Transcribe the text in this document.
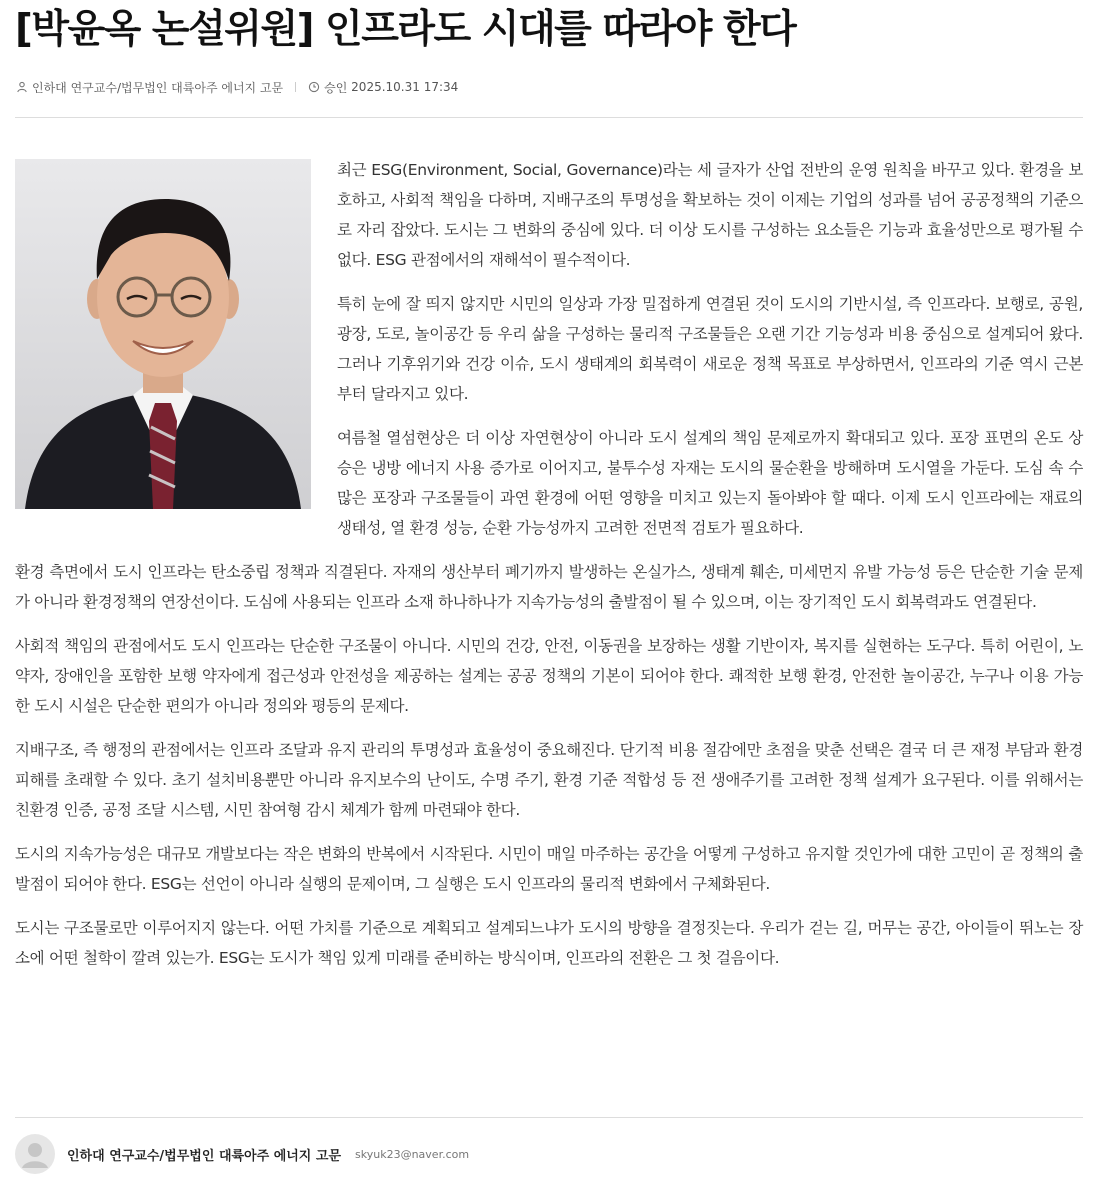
[박윤옥 논설위원] 인프라도 시대를 따라야 한다
인하대 연구교수/법무법인 대륙아주 에너지 고문	승인
2025.10.31 17:34

최근 ESG(Environment, Social, Governance)라는 세 글자가 산업 전반의 운영 원칙을 바꾸고 있다. 환경을 보호하고, 사회적 책임을 다하며, 지배구조의 투명성을 확보하는 것이 이제는 기업의 성과를 넘어 공공정책의 기준으로 자리 잡았다. 도시는 그 변화의 중심에 있다. 더 이상 도시를 구성하는 요소들은 기능과 효율성만으로 평가될 수 없다. ESG 관점에서의 재해석이 필수적이다.

특히 눈에 잘 띄지 않지만 시민의 일상과 가장 밀접하게 연결된 것이 도시의 기반시설, 즉 인프라다. 보행로, 공원, 광장, 도로, 놀이공간 등 우리 삶을 구성하는 물리적 구조물들은 오랜 기간 기능성과 비용 중심으로 설계되어 왔다. 그러나 기후위기와 건강 이슈, 도시 생태계의 회복력이 새로운 정책 목표로 부상하면서, 인프라의 기준 역시 근본부터 달라지고 있다.

여름철 열섬현상은 더 이상 자연현상이 아니라 도시 설계의 책임 문제로까지 확대되고 있다. 포장 표면의 온도 상승은 냉방 에너지 사용 증가로 이어지고, 불투수성 자재는 도시의 물순환을 방해하며 도시열을 가둔다. 도심 속 수많은 포장과 구조물들이 과연 환경에 어떤 영향을 미치고 있는지 돌아봐야 할 때다. 이제 도시 인프라에는 재료의 생태성, 열 환경 성능, 순환 가능성까지 고려한 전면적 검토가 필요하다.

환경 측면에서 도시 인프라는 탄소중립 정책과 직결된다. 자재의 생산부터 폐기까지 발생하는 온실가스, 생태계 훼손, 미세먼지 유발 가능성 등은 단순한 기술 문제가 아니라 환경정책의 연장선이다. 도심에 사용되는 인프라 소재 하나하나가 지속가능성의 출발점이 될 수 있으며, 이는 장기적인 도시 회복력과도 연결된다.

사회적 책임의 관점에서도 도시 인프라는 단순한 구조물이 아니다. 시민의 건강, 안전, 이동권을 보장하는 생활 기반이자, 복지를 실현하는 도구다. 특히 어린이, 노약자, 장애인을 포함한 보행 약자에게 접근성과 안전성을 제공하는 설계는 공공 정책의 기본이 되어야 한다. 쾌적한 보행 환경, 안전한 놀이공간, 누구나 이용 가능한 도시 시설은 단순한 편의가 아니라 정의와 평등의 문제다.

지배구조, 즉 행정의 관점에서는 인프라 조달과 유지 관리의 투명성과 효율성이 중요해진다. 단기적 비용 절감에만 초점을 맞춘 선택은 결국 더 큰 재정 부담과 환경 피해를 초래할 수 있다. 초기 설치비용뿐만 아니라 유지보수의 난이도, 수명 주기, 환경 기준 적합성 등 전 생애주기를 고려한 정책 설계가 요구된다. 이를 위해서는 친환경 인증, 공정 조달 시스템, 시민 참여형 감시 체계가 함께 마련돼야 한다.

도시의 지속가능성은 대규모 개발보다는 작은 변화의 반복에서 시작된다. 시민이 매일 마주하는 공간을 어떻게 구성하고 유지할 것인가에 대한 고민이 곧 정책의 출발점이 되어야 한다. ESG는 선언이 아니라 실행의 문제이며, 그 실행은 도시 인프라의 물리적 변화에서 구체화된다.

도시는 구조물로만 이루어지지 않는다. 어떤 가치를 기준으로 계획되고 설계되느냐가 도시의 방향을 결정짓는다. 우리가 걷는 길, 머무는 공간, 아이들이 뛰노는 장소에 어떤 철학이 깔려 있는가. ESG는 도시가 책임 있게 미래를 준비하는 방식이며, 인프라의 전환은 그 첫 걸음이다.

인하대 연구교수/법무법인 대륙아주 에너지 고문 skyuk23@naver.com
